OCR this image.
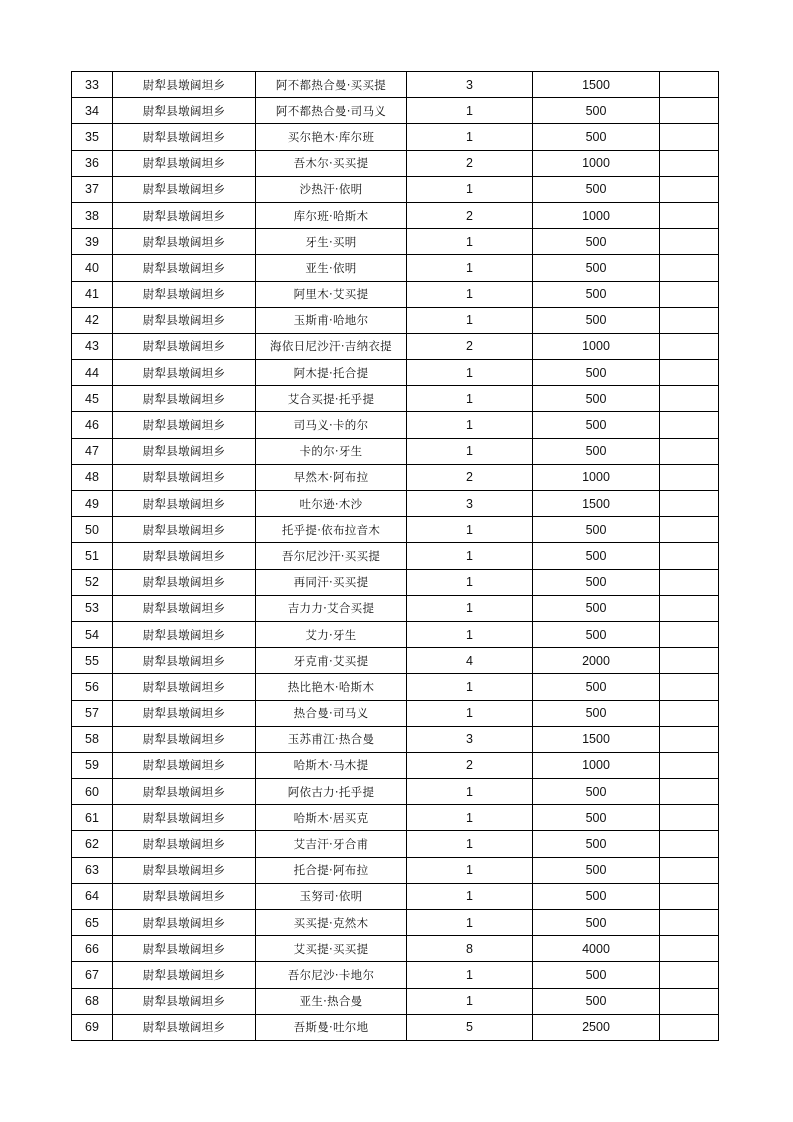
33	尉犁县墩阔坦乡	阿不都热合曼·买买提	3	1500	
34	尉犁县墩阔坦乡	阿不都热合曼·司马义	1	500	
35	尉犁县墩阔坦乡	买尔艳木·库尔班	1	500	
36	尉犁县墩阔坦乡	吾木尔·买买提	2	1000	
37	尉犁县墩阔坦乡	沙热汗·依明	1	500	
38	尉犁县墩阔坦乡	库尔班·哈斯木	2	1000	
39	尉犁县墩阔坦乡	牙生·买明	1	500	
40	尉犁县墩阔坦乡	亚生·依明	1	500	
41	尉犁县墩阔坦乡	阿里木·艾买提	1	500	
42	尉犁县墩阔坦乡	玉斯甫·哈地尔	1	500	
43	尉犁县墩阔坦乡	海依日尼沙汗·吉纳衣提	2	1000	
44	尉犁县墩阔坦乡	阿木提·托合提	1	500	
45	尉犁县墩阔坦乡	艾合买提·托乎提	1	500	
46	尉犁县墩阔坦乡	司马义·卡的尔	1	500	
47	尉犁县墩阔坦乡	卡的尔·牙生	1	500	
48	尉犁县墩阔坦乡	早然木·阿布拉	2	1000	
49	尉犁县墩阔坦乡	吐尔逊·木沙	3	1500	
50	尉犁县墩阔坦乡	托乎提·依布拉音木	1	500	
51	尉犁县墩阔坦乡	吾尔尼沙汗·买买提	1	500	
52	尉犁县墩阔坦乡	再同汗·买买提	1	500	
53	尉犁县墩阔坦乡	吉力力·艾合买提	1	500	
54	尉犁县墩阔坦乡	艾力·牙生	1	500	
55	尉犁县墩阔坦乡	牙克甫·艾买提	4	2000	
56	尉犁县墩阔坦乡	热比艳木·哈斯木	1	500	
57	尉犁县墩阔坦乡	热合曼·司马义	1	500	
58	尉犁县墩阔坦乡	玉苏甫江·热合曼	3	1500	
59	尉犁县墩阔坦乡	哈斯木·马木提	2	1000	
60	尉犁县墩阔坦乡	阿依古力·托乎提	1	500	
61	尉犁县墩阔坦乡	哈斯木·居买克	1	500	
62	尉犁县墩阔坦乡	艾吉汗·牙合甫	1	500	
63	尉犁县墩阔坦乡	托合提·阿布拉	1	500	
64	尉犁县墩阔坦乡	玉努司·依明	1	500	
65	尉犁县墩阔坦乡	买买提·克然木	1	500	
66	尉犁县墩阔坦乡	艾买提·买买提	8	4000	
67	尉犁县墩阔坦乡	吾尔尼沙·卡地尔	1	500	
68	尉犁县墩阔坦乡	亚生·热合曼	1	500	
69	尉犁县墩阔坦乡	吾斯曼·吐尔地	5	2500	
